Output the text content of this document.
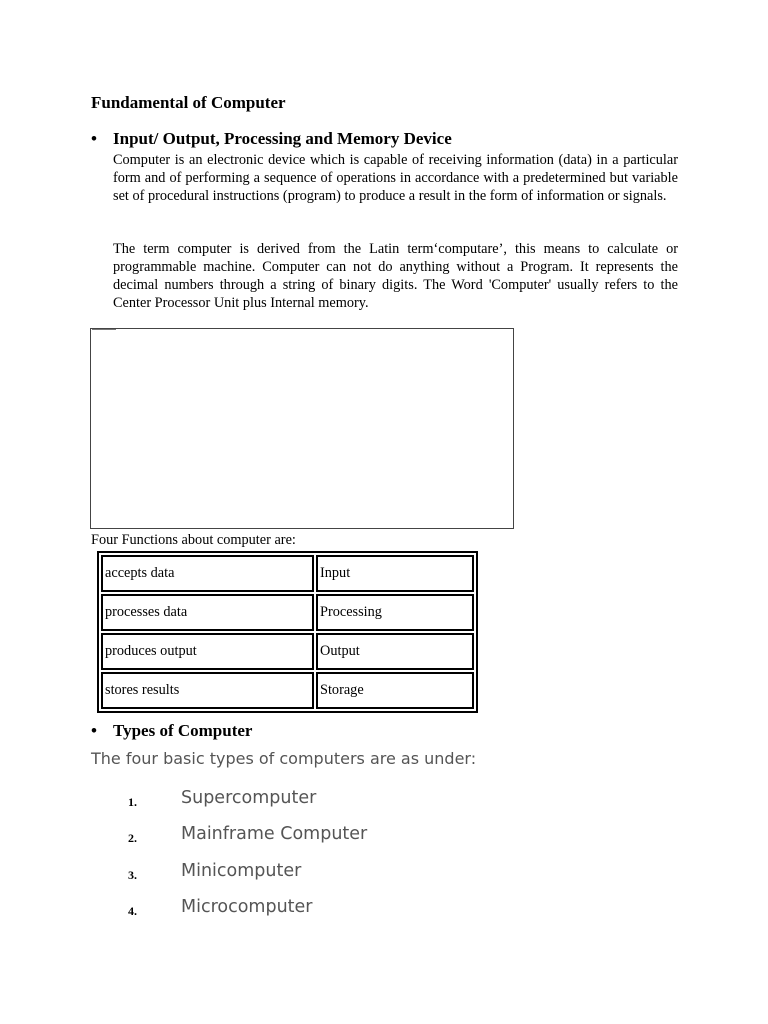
Fundamental of Computer
• Input/ Output, Processing and Memory Device
Computer is an electronic device which is capable of receiving information (data) in a particular form and of performing a sequence of operations in accordance with a predetermined but variable set of procedural instructions (program) to produce a result in the form of information or signals.
The term computer is derived from the Latin term‘computare’, this means to calculate or programmable machine. Computer can not do anything without a Program. It represents the decimal numbers through a string of binary digits. The Word 'Computer' usually refers to the Center Processor Unit plus Internal memory.
Four Functions about computer are:
accepts data	Input
processes data	Processing
produces output	Output
stores results	Storage
• Types of Computer
The four basic types of computers are as under:
1.	Supercomputer
2.	Mainframe Computer
3.	Minicomputer
4.	Microcomputer
